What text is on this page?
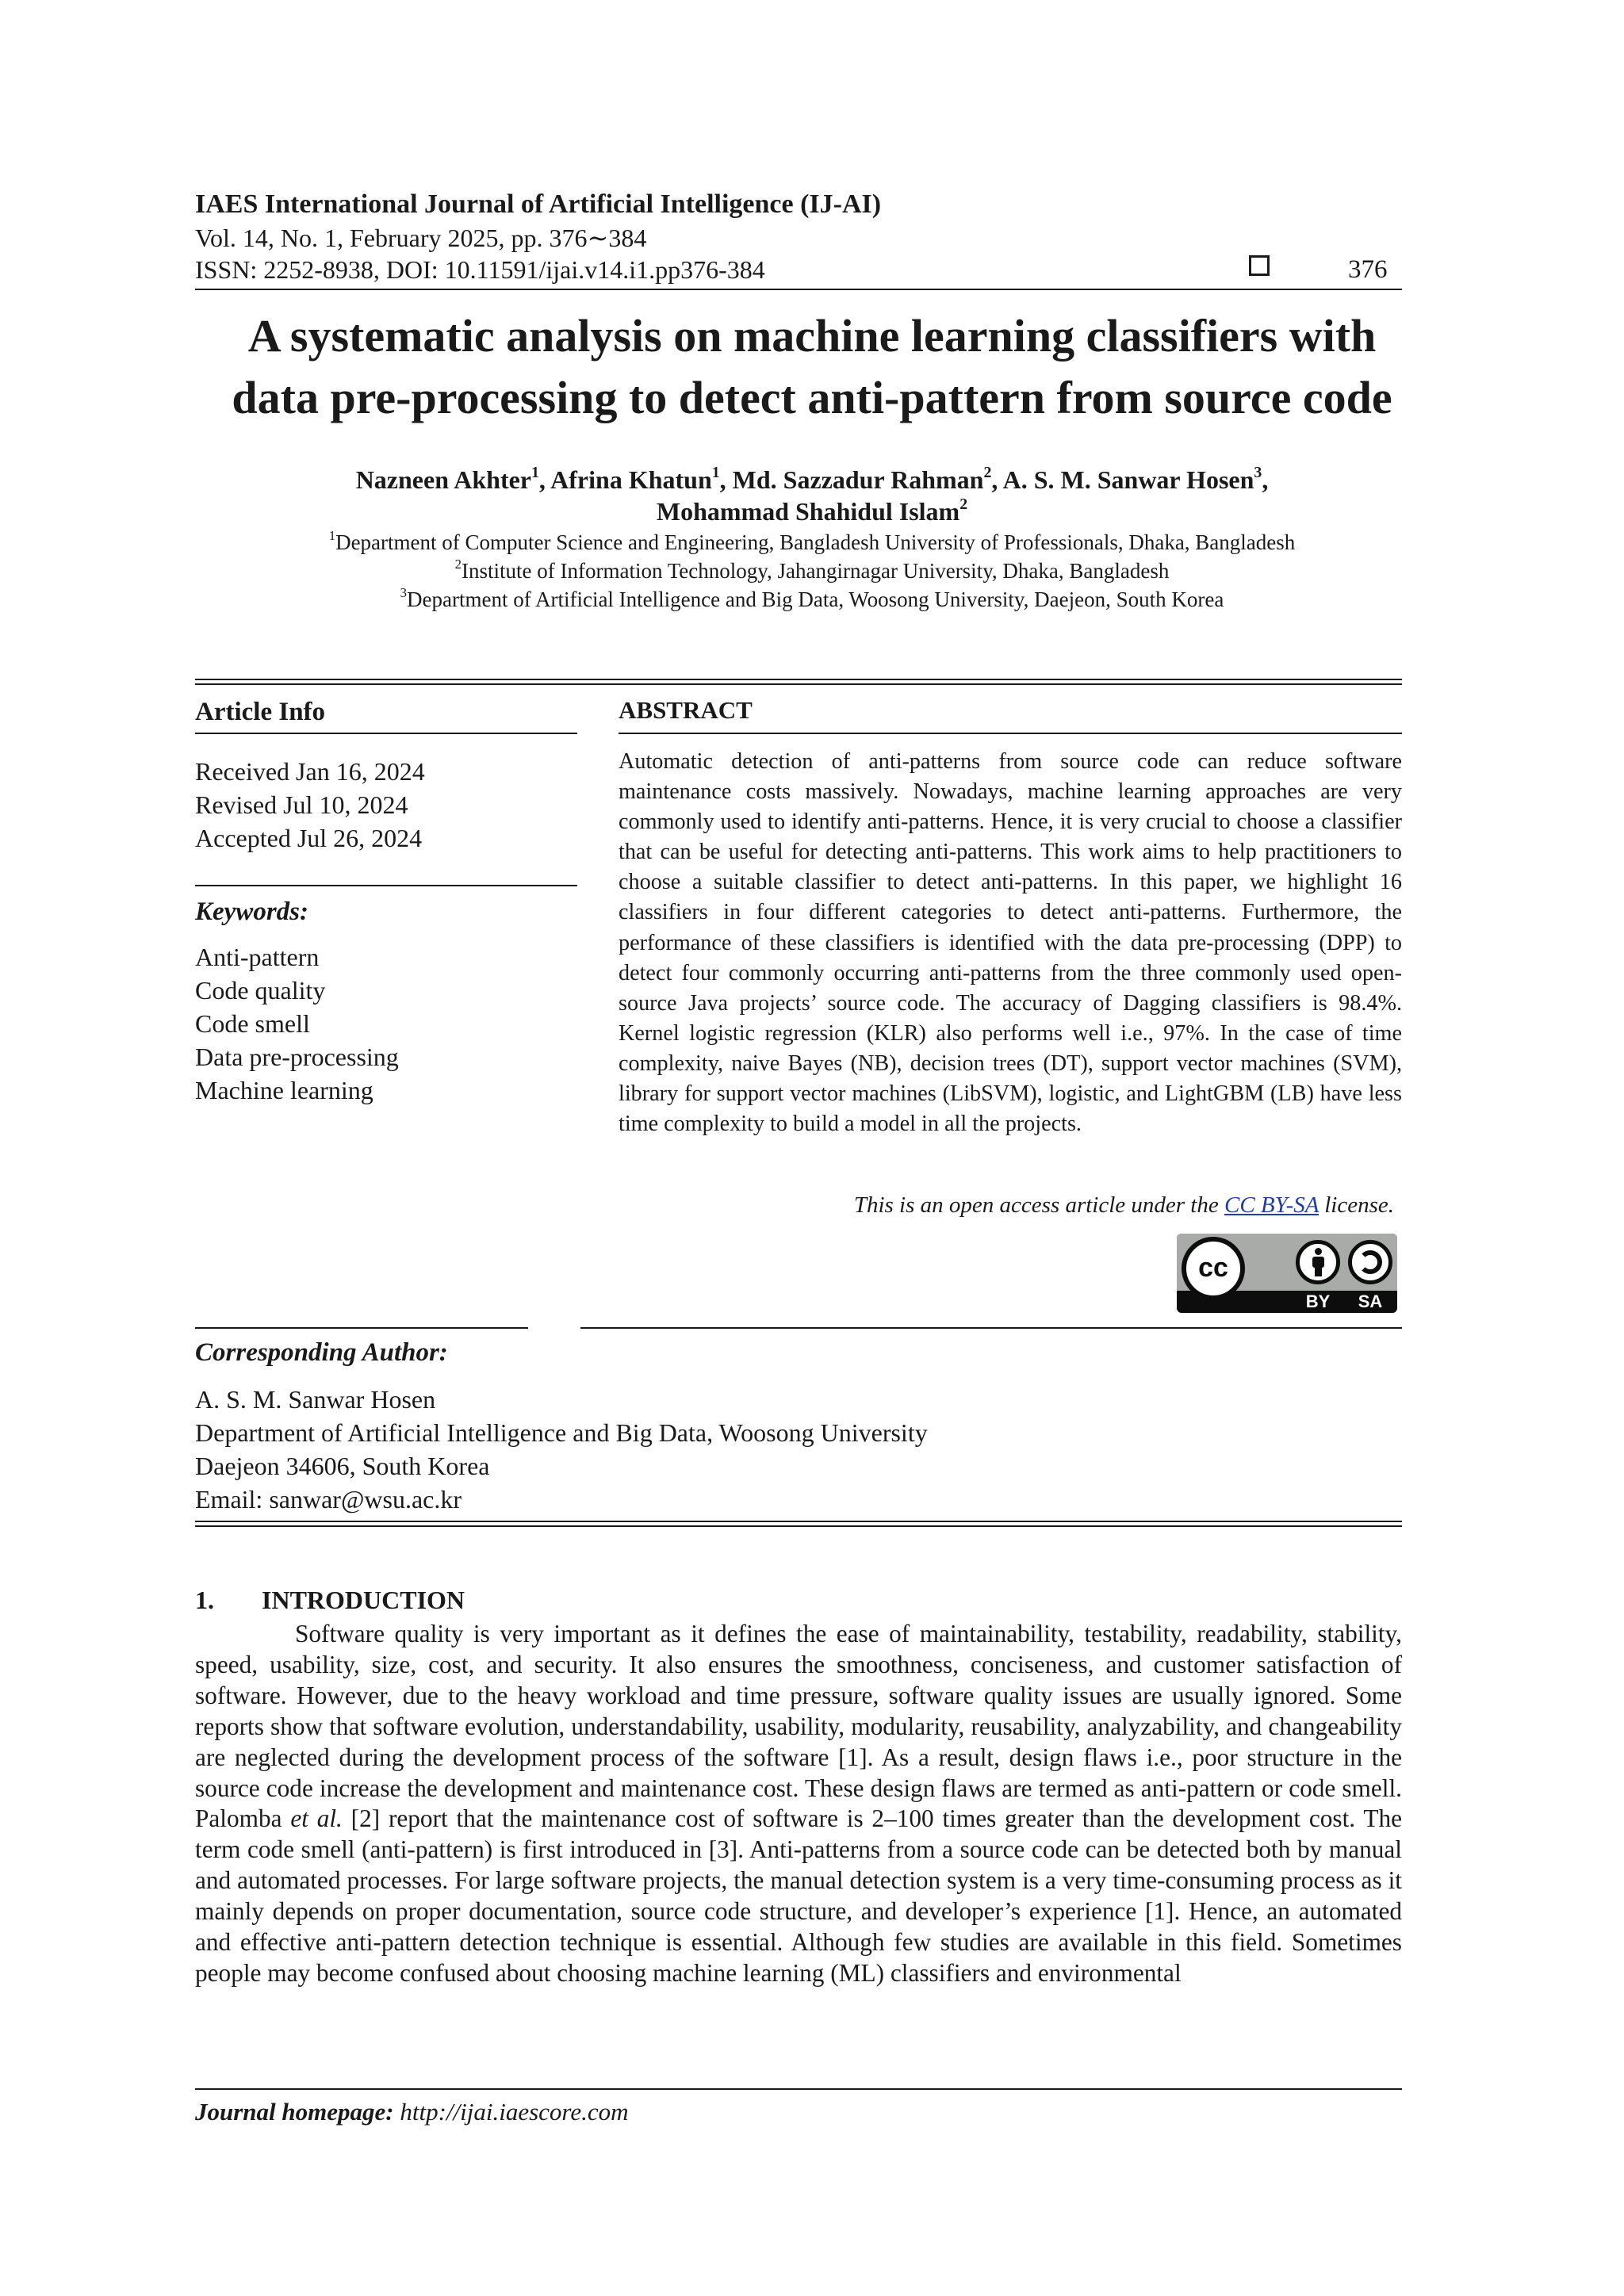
IAES International Journal of Artificial Intelligence (IJ-AI)
Vol. 14, No. 1, February 2025, pp. 376∼384
ISSN: 2252-8938, DOI: 10.11591/ijai.v14.i1.pp376-384	376
A systematic analysis on machine learning classifiers with
data pre-processing to detect anti-pattern from source code
Nazneen Akhter$^1$, Afrina Khatun$^1$, Md. Sazzadur Rahman$^2$, A. S. M. Sanwar Hosen$^3$,
Mohammad Shahidul Islam$^2$
$^1$Department of Computer Science and Engineering, Bangladesh University of Professionals, Dhaka, Bangladesh
$^2$Institute of Information Technology, Jahangirnagar University, Dhaka, Bangladesh
$^3$Department of Artificial Intelligence and Big Data, Woosong University, Daejeon, South Korea
Article Info
Received Jan 16, 2024
Revised Jul 10, 2024
Accepted Jul 26, 2024
Keywords:
Anti-pattern
Code quality
Code smell
Data pre-processing
Machine learning
ABSTRACT
Automatic detection of anti-patterns from source code can reduce software maintenance costs massively. Nowadays, machine learning approaches are very commonly used to identify anti-patterns. Hence, it is very crucial to choose a classifier that can be useful for detecting anti-patterns. This work aims to help practitioners to choose a suitable classifier to detect anti-patterns. In this paper, we highlight 16 classifiers in four different categories to detect anti-patterns. Furthermore, the performance of these classifiers is identified with the data pre-processing (DPP) to detect four commonly occurring anti-patterns from the three commonly used open-source Java projects’ source code. The accuracy of Dagging classifiers is 98.4%. Kernel logistic regression (KLR) also performs well i.e., 97%. In the case of time complexity, naive Bayes (NB), decision trees (DT), support vector machines (SVM), library for support vector machines (LibSVM), logistic, and LightGBM (LB) have less time complexity to build a model in all the projects.
This is an open access article under the CC BY-SA license.
cc
BY	SA
Corresponding Author:
A. S. M. Sanwar Hosen
Department of Artificial Intelligence and Big Data, Woosong University
Daejeon 34606, South Korea
Email: sanwar@wsu.ac.kr
1. INTRODUCTION

Software quality is very important as it defines the ease of maintainability, testability, readability, stability, speed, usability, size, cost, and security. It also ensures the smoothness, conciseness, and customer satisfaction of software. However, due to the heavy workload and time pressure, software quality issues are usually ignored. Some reports show that software evolution, understandability, usability, modularity, reusability, analyzability, and changeability are neglected during the development process of the software [1]. As a result, design flaws i.e., poor structure in the source code increase the development and maintenance cost. These design flaws are termed as anti-pattern or code smell. Palomba et al. [2] report that the maintenance cost of software is 2–100 times greater than the development cost. The term code smell (anti-pattern) is first introduced in [3]. Anti-patterns from a source code can be detected both by manual and automated processes. For large software projects, the manual detection system is a very time-consuming process as it mainly depends on proper documentation, source code structure, and developer’s experience [1]. Hence, an automated and effective anti-pattern detection technique is essential. Although few studies are available in this field. Sometimes people may become confused about choosing machine learning (ML) classifiers and environmental

Journal homepage: http://ijai.iaescore.com
